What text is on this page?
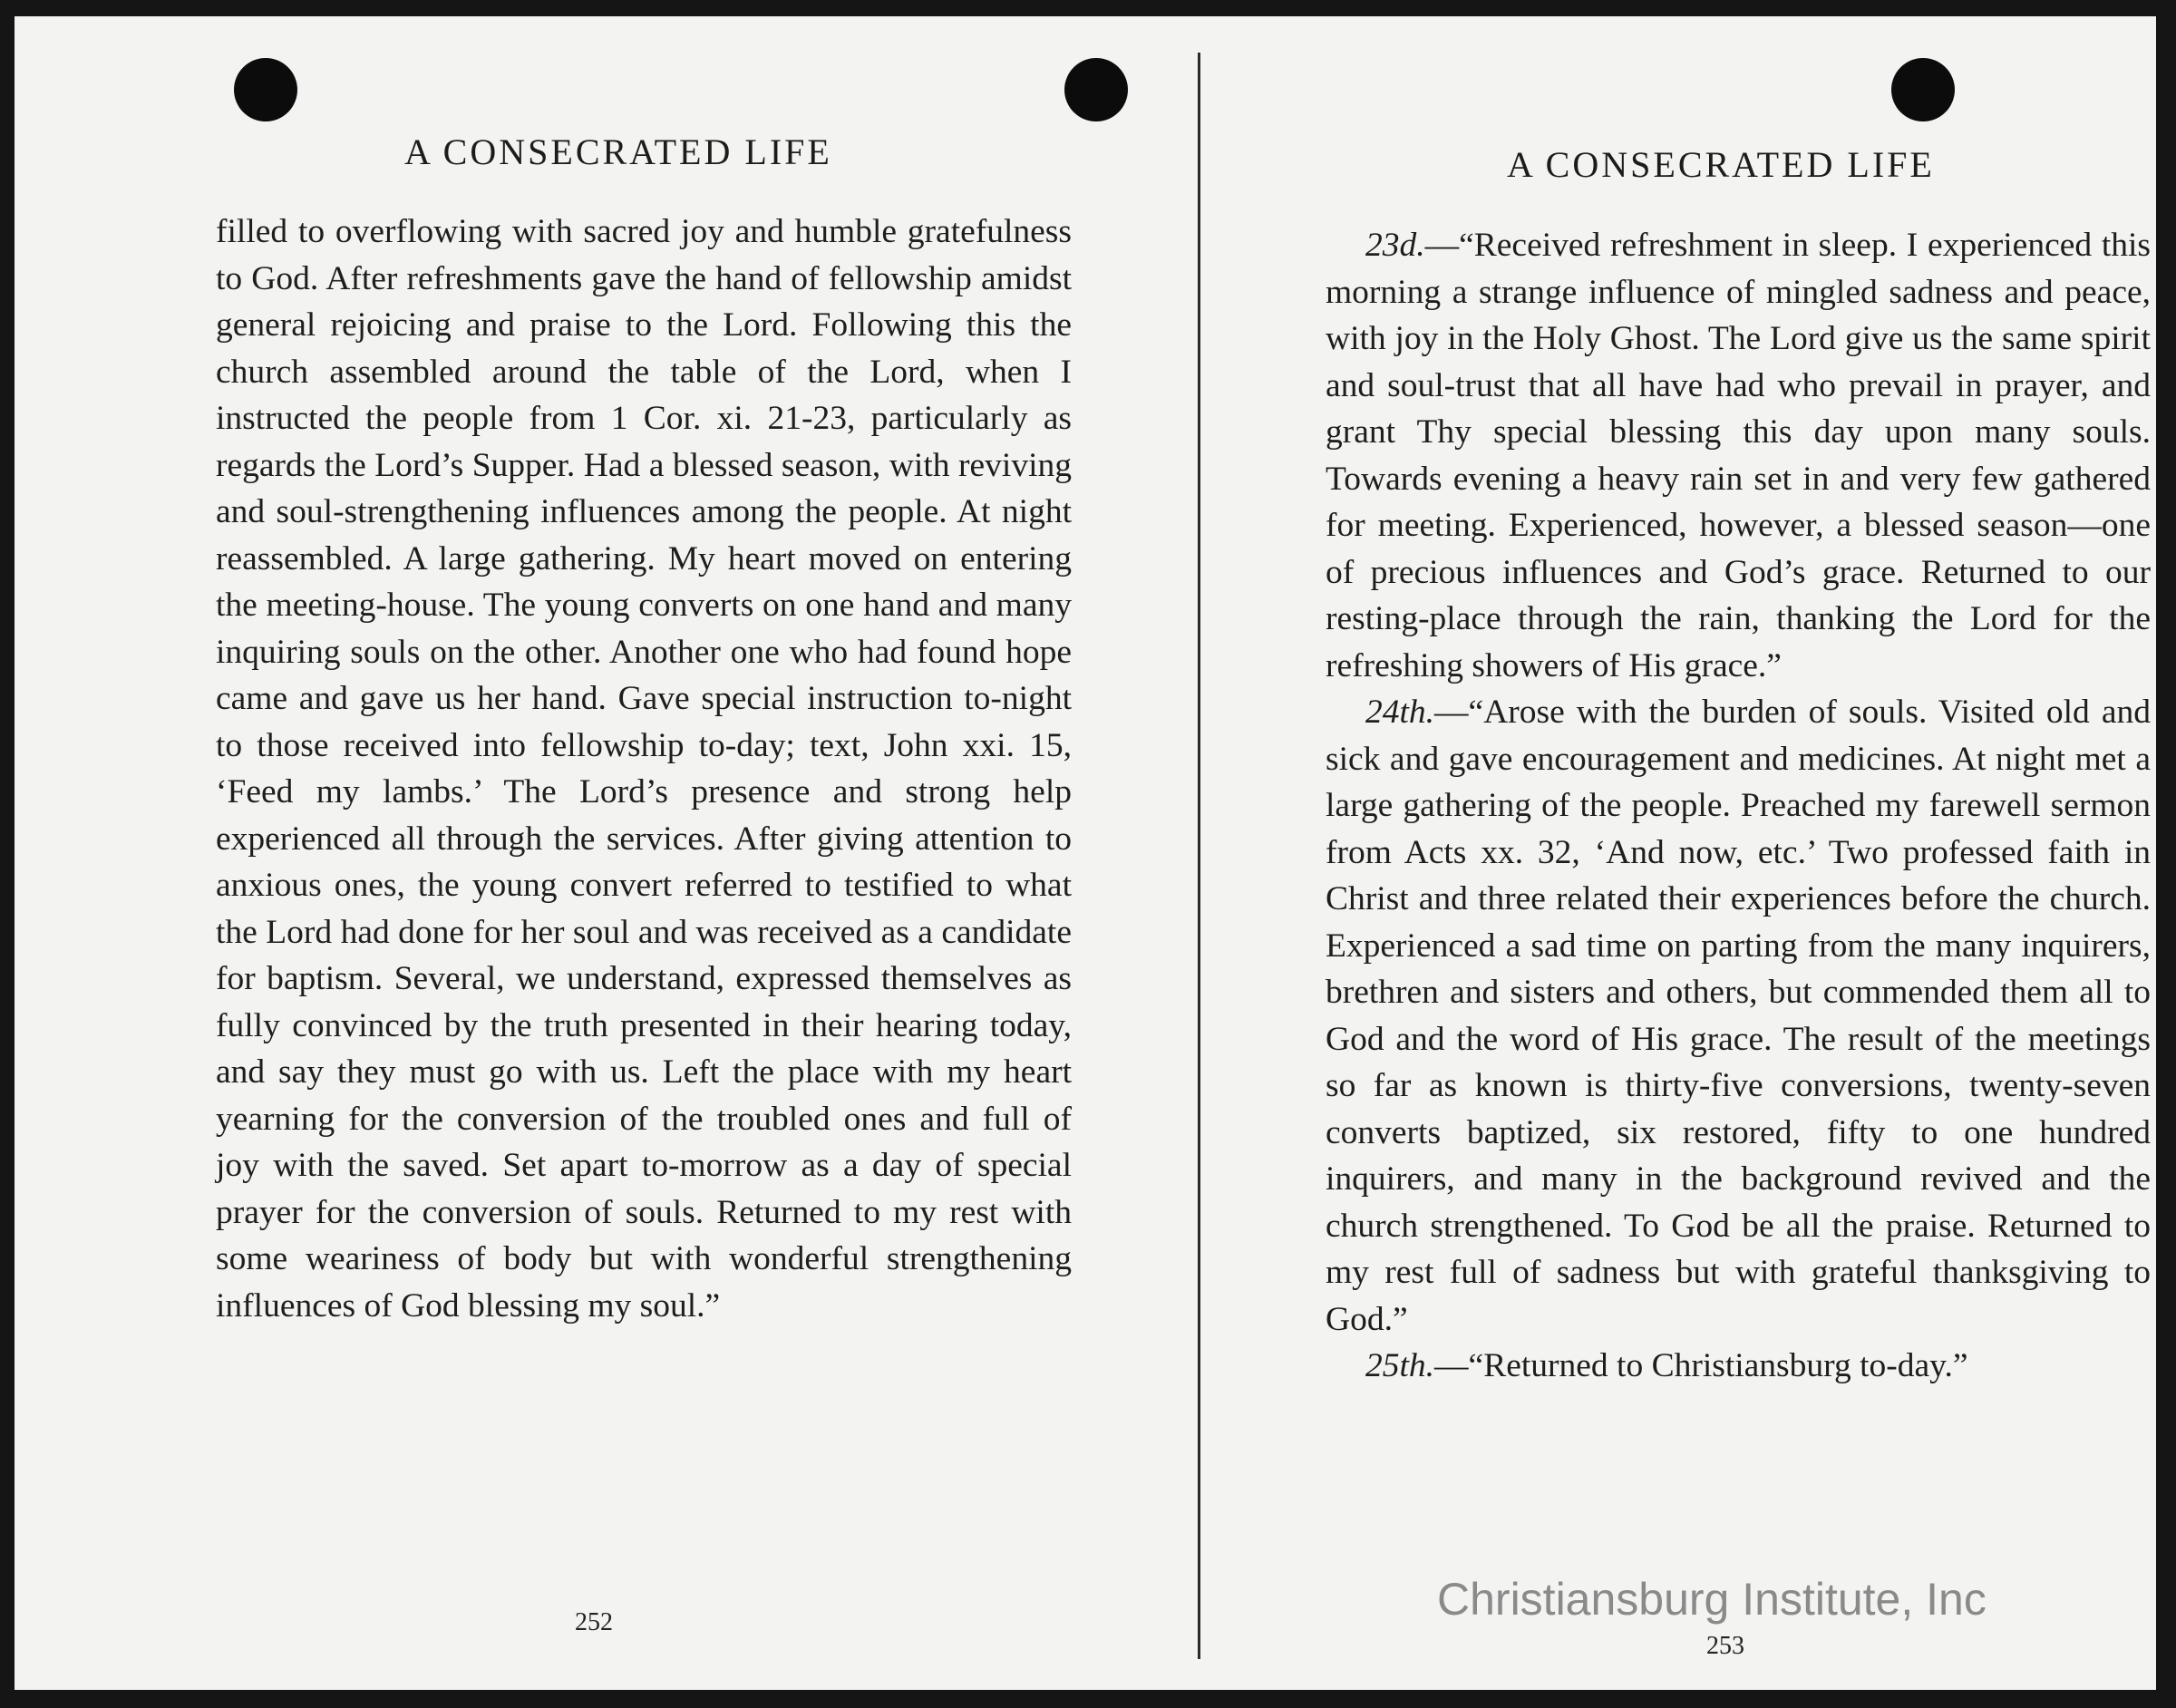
A CONSECRATED LIFE

filled to overflowing with sacred joy and humble gratefulness to God. After refreshments gave the hand of fellowship amidst general rejoicing and praise to the Lord. Following this the church assembled around the table of the Lord, when I instructed the people from 1 Cor. xi. 21-23, particularly as regards the Lord’s Supper. Had a blessed season, with reviving and soul-strengthening influences among the people. At night reassembled. A large gathering. My heart moved on entering the meeting-house. The young converts on one hand and many inquiring souls on the other. Another one who had found hope came and gave us her hand. Gave special instruction to-night to those received into fellowship to-day; text, John xxi. 15, ‘Feed my lambs.’ The Lord’s presence and strong help experienced all through the services. After giving attention to anxious ones, the young convert referred to testified to what the Lord had done for her soul and was received as a candidate for baptism. Several, we understand, expressed themselves as fully convinced by the truth presented in their hearing today, and say they must go with us. Left the place with my heart yearning for the conversion of the troubled ones and full of joy with the saved. Set apart to-morrow as a day of special prayer for the conversion of souls. Returned to my rest with some weariness of body but with wonderful strengthening influences of God blessing my soul.”

252
A CONSECRATED LIFE

23d.—“Received refreshment in sleep. I experienced this morning a strange influence of mingled sadness and peace, with joy in the Holy Ghost. The Lord give us the same spirit and soul-trust that all have had who prevail in prayer, and grant Thy special blessing this day upon many souls. Towards evening a heavy rain set in and very few gathered for meeting. Experienced, however, a blessed season—one of precious influences and God’s grace. Returned to our resting-place through the rain, thanking the Lord for the refreshing showers of His grace.”

24th.—“Arose with the burden of souls. Visited old and sick and gave encouragement and medicines. At night met a large gathering of the people. Preached my farewell sermon from Acts xx. 32, ‘And now, etc.’ Two professed faith in Christ and three related their experiences before the church. Experienced a sad time on parting from the many inquirers, brethren and sisters and others, but commended them all to God and the word of His grace. The result of the meetings so far as known is thirty-five conversions, twenty-seven converts baptized, six restored, fifty to one hundred inquirers, and many in the background revived and the church strengthened. To God be all the praise. Returned to my rest full of sadness but with grateful thanksgiving to God.”

25th.—“Returned to Christiansburg to-day.”

253
Christiansburg Institute, Inc
